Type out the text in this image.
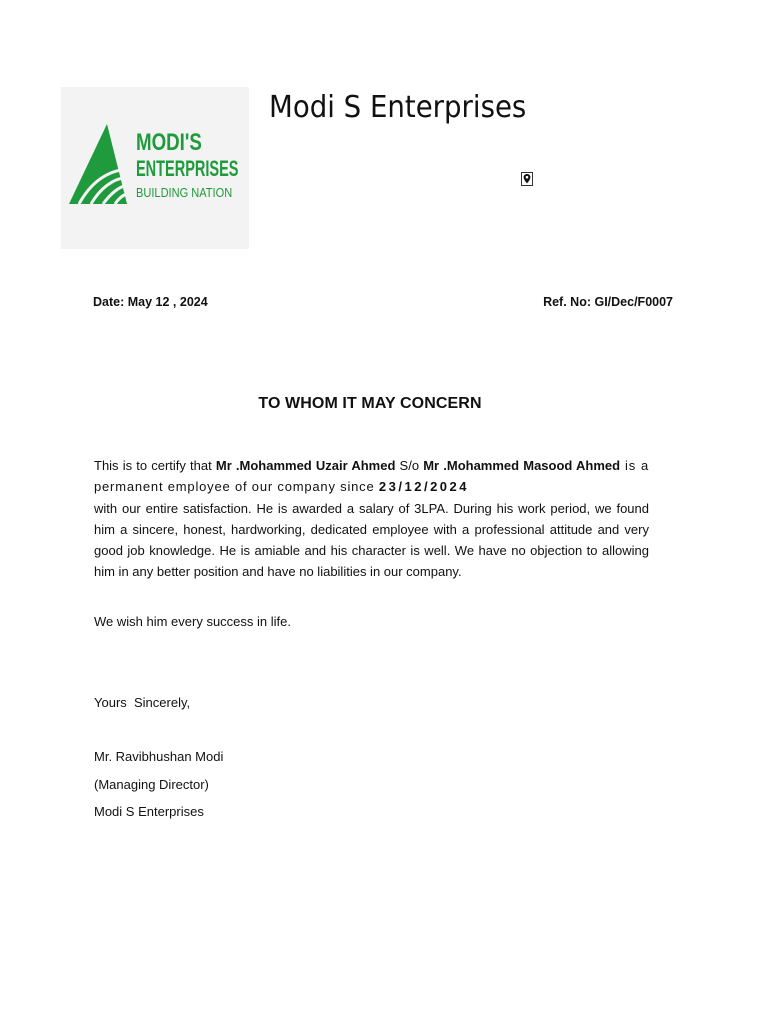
MODI'S
ENTERPRISES
BUILDING NATION
Modi S Enterprises
Date: May 12 , 2024	Ref. No: GI/Dec/F0007
TO WHOM IT MAY CONCERN
This is to certify that Mr .Mohammed Uzair Ahmed S/o Mr .Mohammed Masood Ahmed is a permanent employee of our company since 23/12/2024
with our entire satisfaction. He is awarded a salary of 3LPA. During his work period, we found him a sincere, honest, hardworking, dedicated employee with a professional attitude and very good job knowledge. He is amiable and his character is well. We have no objection to allowing him in any better position and have no liabilities in our company.
We wish him every success in life.
Yours  Sincerely,
Mr. Ravibhushan Modi
(Managing Director)
Modi S Enterprises
